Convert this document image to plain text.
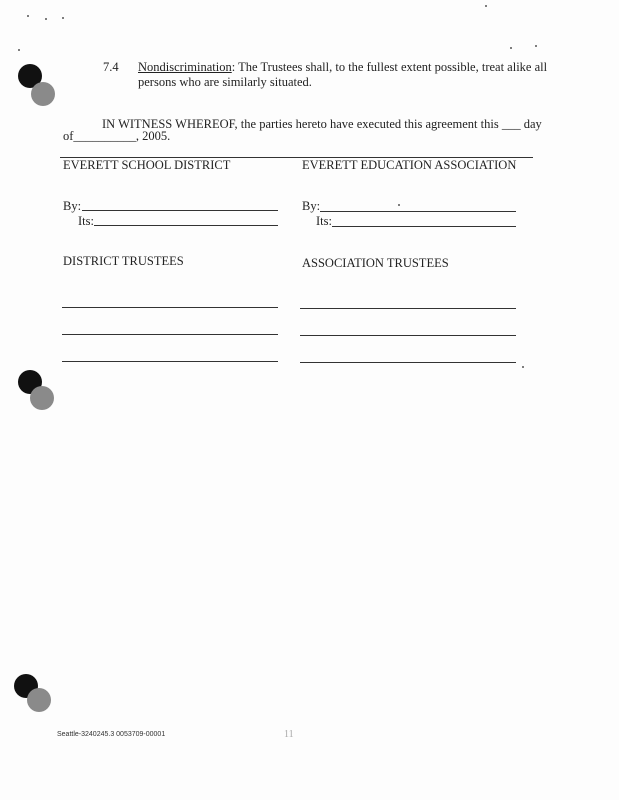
7.4 Nondiscrimination: The Trustees shall, to the fullest extent possible, treat alike all
persons who are similarly situated.
IN WITNESS WHEREOF, the parties hereto have executed this agreement this ___ day
of__________, 2005.
EVERETT SCHOOL DISTRICT
By:
Its:
DISTRICT TRUSTEES
EVERETT EDUCATION ASSOCIATION
By:
Its:
ASSOCIATION TRUSTEES
Seattle-3240245.3 0053709-00001	11
